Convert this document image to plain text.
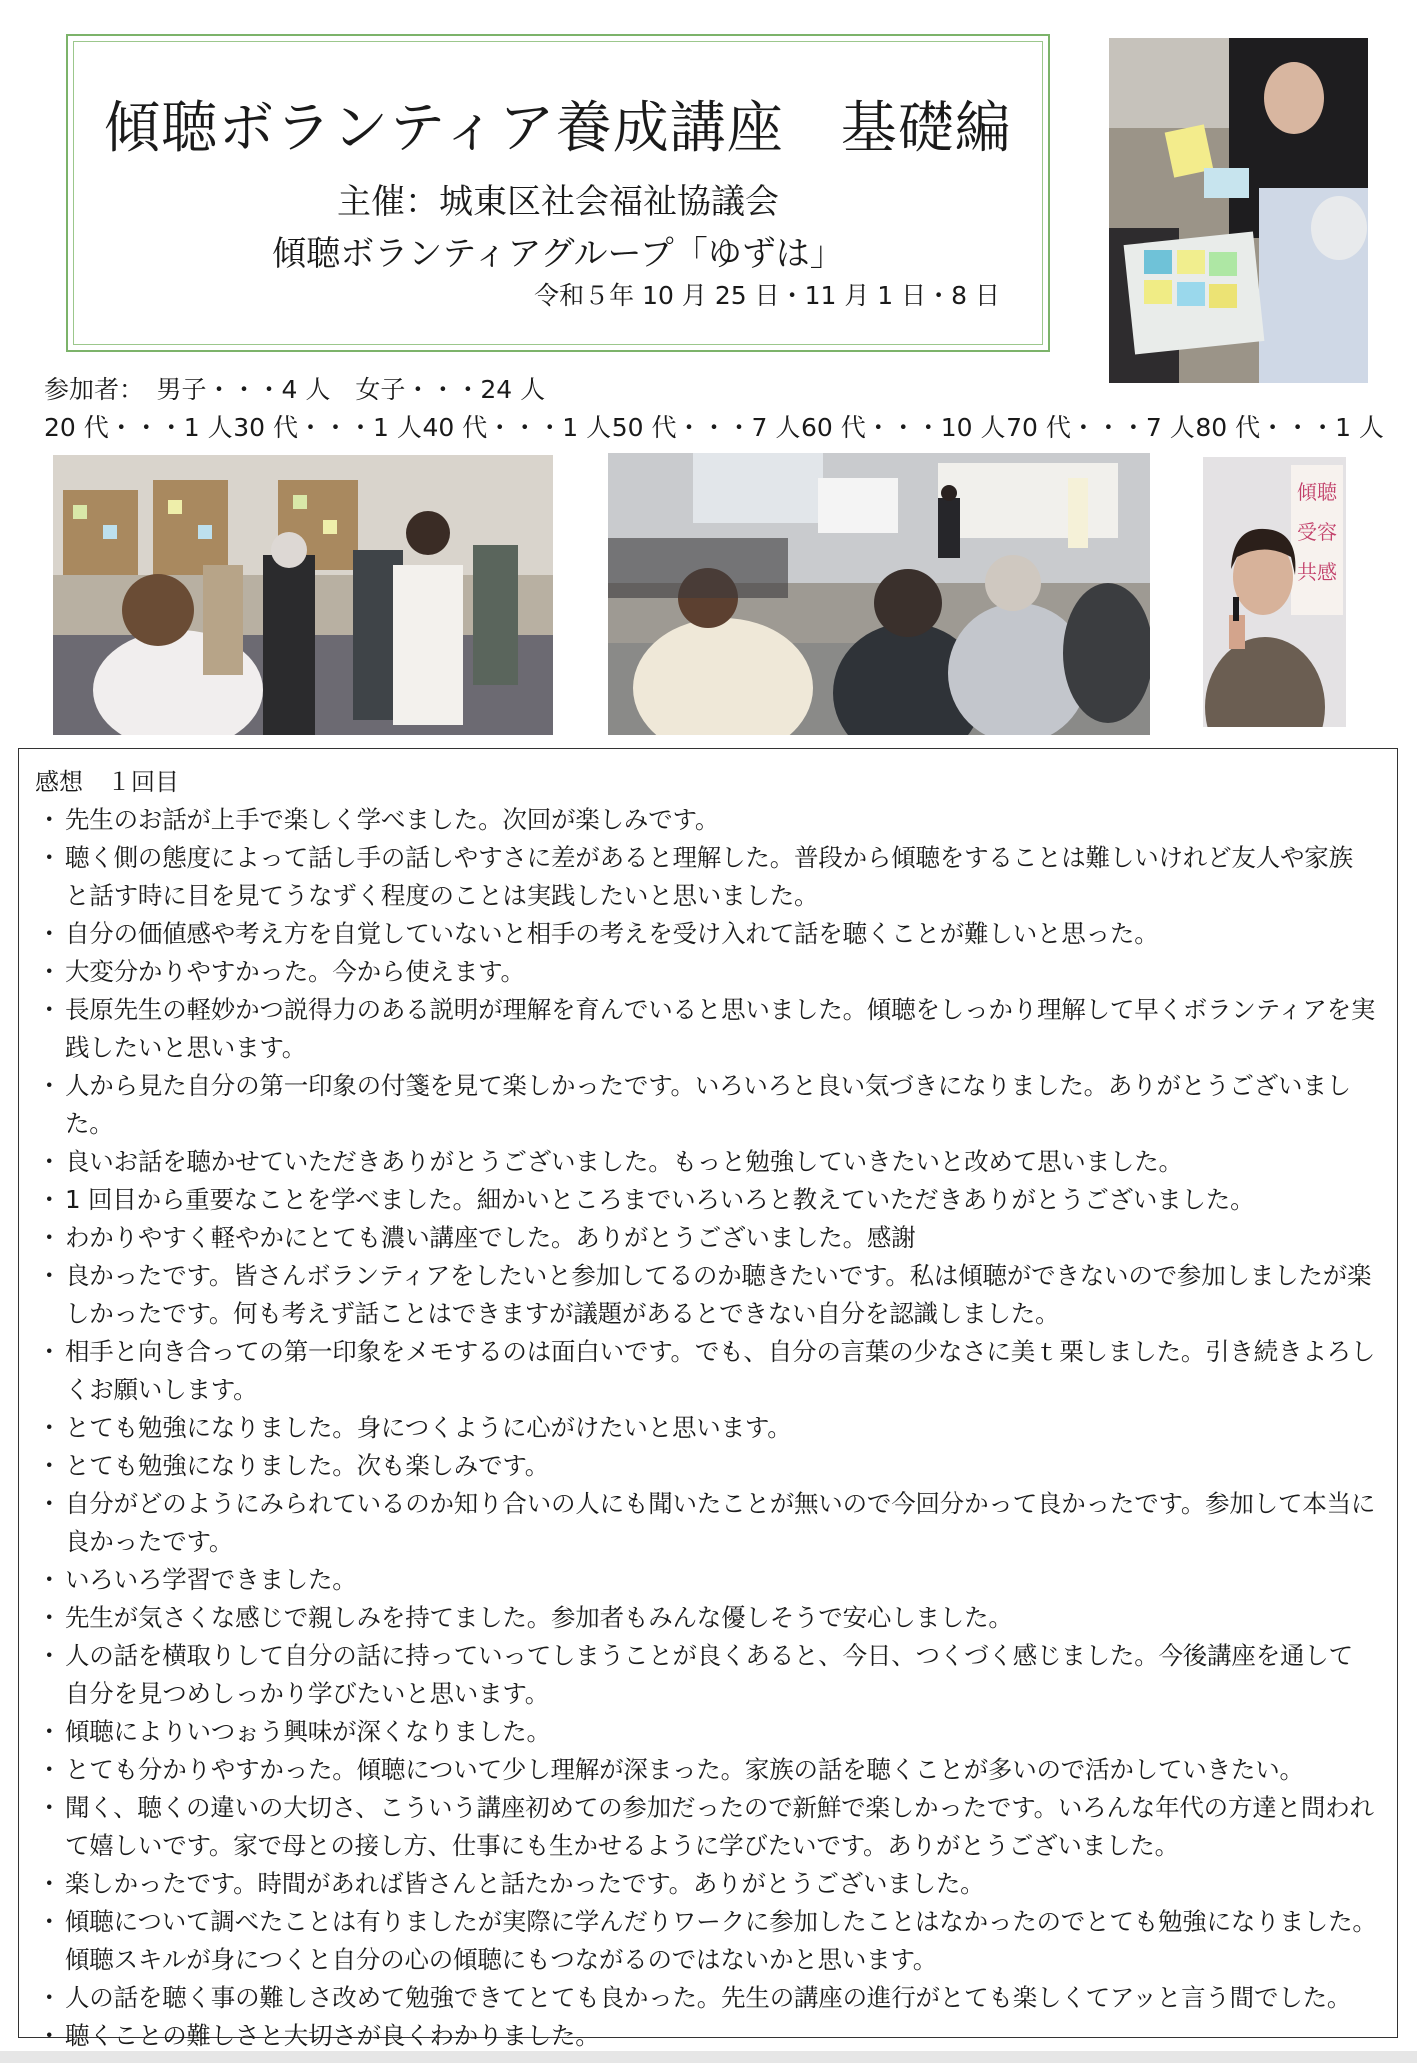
傾聴ボランティア養成講座　基礎編
主催：城東区社会福祉協議会
傾聴ボランティアグループ「ゆずは」
令和５年 10 月 25 日・11 月 1 日・8 日
参加者：　男子・・・4 人　女子・・・24 人
20 代・・・1 人 30 代・・・1 人 40 代・・・1 人 50 代・・・7 人 60 代・・・10 人 70 代・・・7 人 80 代・・・1 人
傾聴
受容
共感
感想　１回目
・ 先生のお話が上手で楽しく学べました。次回が楽しみです。
・ 聴く側の態度によって話し手の話しやすさに差があると理解した。普段から傾聴をすることは難しいけれど友人や家族と話す時に目を見てうなずく程度のことは実践したいと思いました。
・ 自分の価値感や考え方を自覚していないと相手の考えを受け入れて話を聴くことが難しいと思った。
・ 大変分かりやすかった。今から使えます。
・ 長原先生の軽妙かつ説得力のある説明が理解を育んでいると思いました。傾聴をしっかり理解して早くボランティアを実践したいと思います。
・ 人から見た自分の第一印象の付箋を見て楽しかったです。いろいろと良い気づきになりました。ありがとうございました。
・ 良いお話を聴かせていただきありがとうございました。もっと勉強していきたいと改めて思いました。
・ 1 回目から重要なことを学べました。細かいところまでいろいろと教えていただきありがとうございました。
・ わかりやすく軽やかにとても濃い講座でした。ありがとうございました。感謝
・ 良かったです。皆さんボランティアをしたいと参加してるのか聴きたいです。私は傾聴ができないので参加しましたが楽しかったです。何も考えず話ことはできますが議題があるとできない自分を認識しました。
・ 相手と向き合っての第一印象をメモするのは面白いです。でも、自分の言葉の少なさに美ｔ栗しました。引き続きよろしくお願いします。
・ とても勉強になりました。身につくように心がけたいと思います。
・ とても勉強になりました。次も楽しみです。
・ 自分がどのようにみられているのか知り合いの人にも聞いたことが無いので今回分かって良かったです。参加して本当に良かったです。
・ いろいろ学習できました。
・ 先生が気さくな感じで親しみを持てました。参加者もみんな優しそうで安心しました。
・ 人の話を横取りして自分の話に持っていってしまうことが良くあると、今日、つくづく感じました。今後講座を通して自分を見つめしっかり学びたいと思います。
・ 傾聴によりいつぉう興味が深くなりました。
・ とても分かりやすかった。傾聴について少し理解が深まった。家族の話を聴くことが多いので活かしていきたい。
・ 聞く、聴くの違いの大切さ、こういう講座初めての参加だったので新鮮で楽しかったです。いろんな年代の方達と問われて嬉しいです。家で母との接し方、仕事にも生かせるように学びたいです。ありがとうございました。
・ 楽しかったです。時間があれば皆さんと話たかったです。ありがとうございました。
・ 傾聴について調べたことは有りましたが実際に学んだりワークに参加したことはなかったのでとても勉強になりました。傾聴スキルが身につくと自分の心の傾聴にもつながるのではないかと思います。
・ 人の話を聴く事の難しさ改めて勉強できてとても良かった。先生の講座の進行がとても楽しくてアッと言う間でした。
・ 聴くことの難しさと大切さが良くわかりました。
